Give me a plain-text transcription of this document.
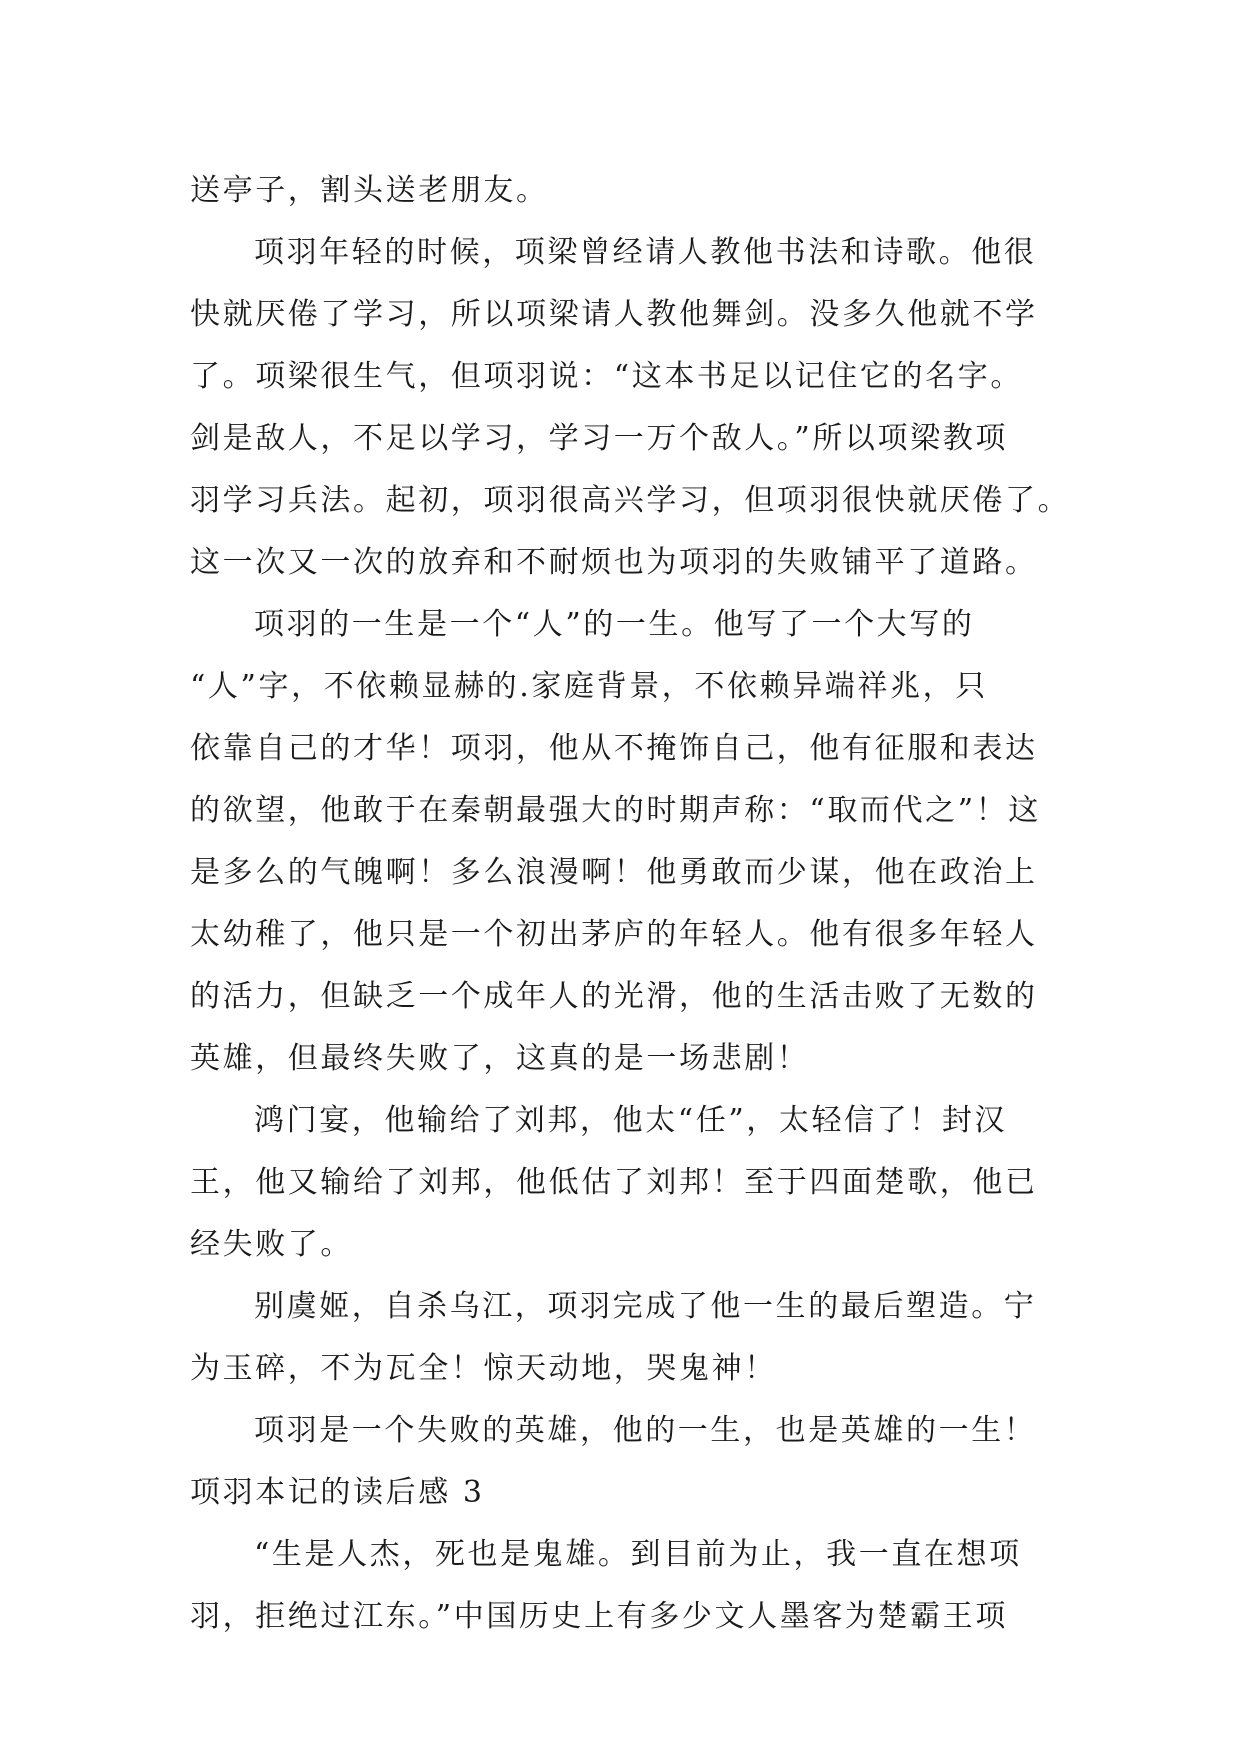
送亭子，割头送老朋友。
项羽年轻的时候，项梁曾经请人教他书法和诗歌。他很
快就厌倦了学习，所以项梁请人教他舞剑。没多久他就不学
了。项梁很生气，但项羽说：“这本书足以记住它的名字。
剑是敌人，不足以学习，学习一万个敌人。”所以项梁教项
羽学习兵法。起初，项羽很高兴学习，但项羽很快就厌倦了。
这一次又一次的放弃和不耐烦也为项羽的失败铺平了道路。
项羽的一生是一个“人”的一生。他写了一个大写的
“人”字，不依赖显赫的.家庭背景，不依赖异端祥兆，只
依靠自己的才华！项羽，他从不掩饰自己，他有征服和表达
的欲望，他敢于在秦朝最强大的时期声称：“取而代之”！这
是多么的气魄啊！多么浪漫啊！他勇敢而少谋，他在政治上
太幼稚了，他只是一个初出茅庐的年轻人。他有很多年轻人
的活力，但缺乏一个成年人的光滑，他的生活击败了无数的
英雄，但最终失败了，这真的是一场悲剧！
鸿门宴，他输给了刘邦，他太“任”，太轻信了！封汉
王，他又输给了刘邦，他低估了刘邦！至于四面楚歌，他已
经失败了。
别虞姬，自杀乌江，项羽完成了他一生的最后塑造。宁
为玉碎，不为瓦全！惊天动地，哭鬼神！
项羽是一个失败的英雄，他的一生，也是英雄的一生！
项羽本记的读后感 3
“生是人杰，死也是鬼雄。到目前为止，我一直在想项
羽，拒绝过江东。”中国历史上有多少文人墨客为楚霸王项
